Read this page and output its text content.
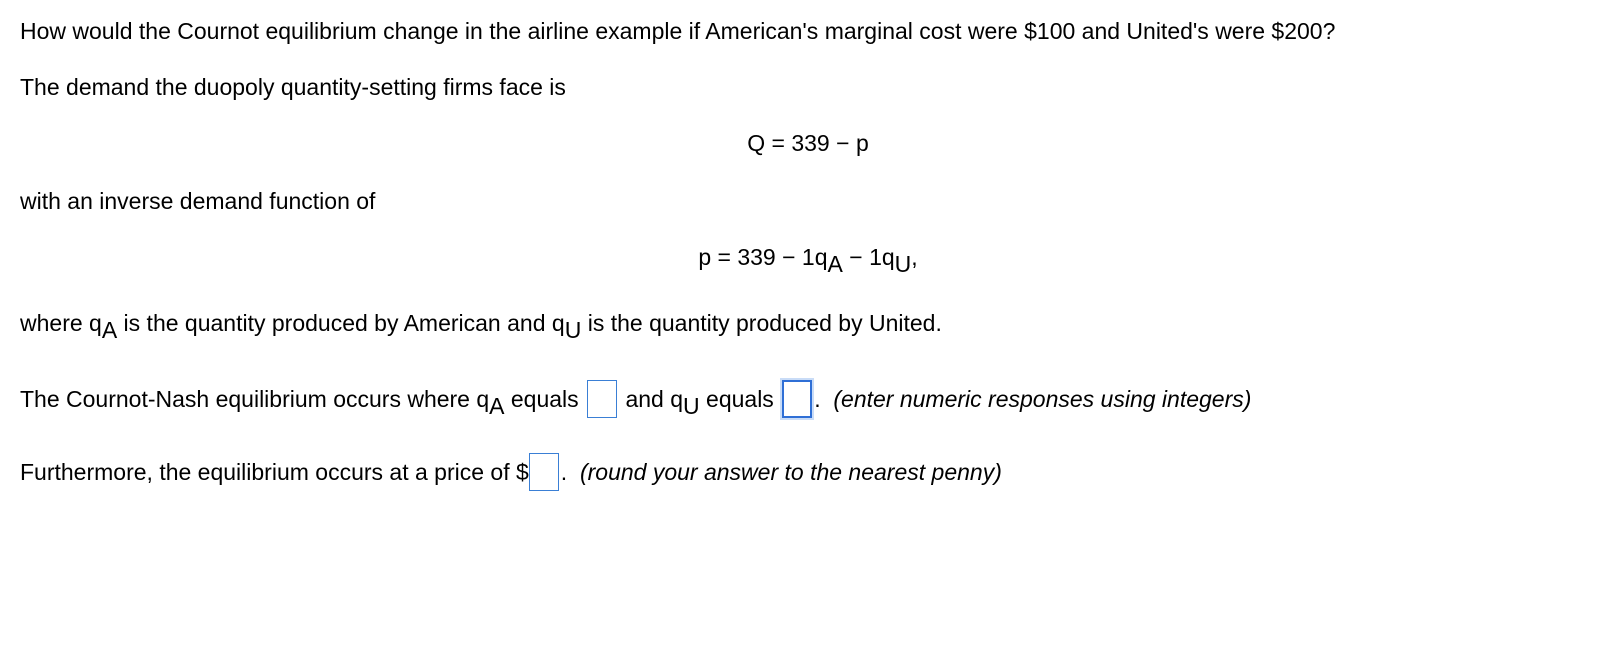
How would the Cournot equilibrium change in the airline example if American's marginal cost were $100 and United's were $200?
The demand the duopoly quantity-setting firms face is
Q = 339 − p
with an inverse demand function of
$p = 339 - 1q_A - 1q_U$,
where $q_A$ is the quantity produced by American and $q_U$ is the quantity produced by United.
The Cournot-Nash equilibrium occurs where $q_A$ equals and $q_U$ equals . (enter numeric responses using integers)
Furthermore, the equilibrium occurs at a price of $ . (round your answer to the nearest penny)
